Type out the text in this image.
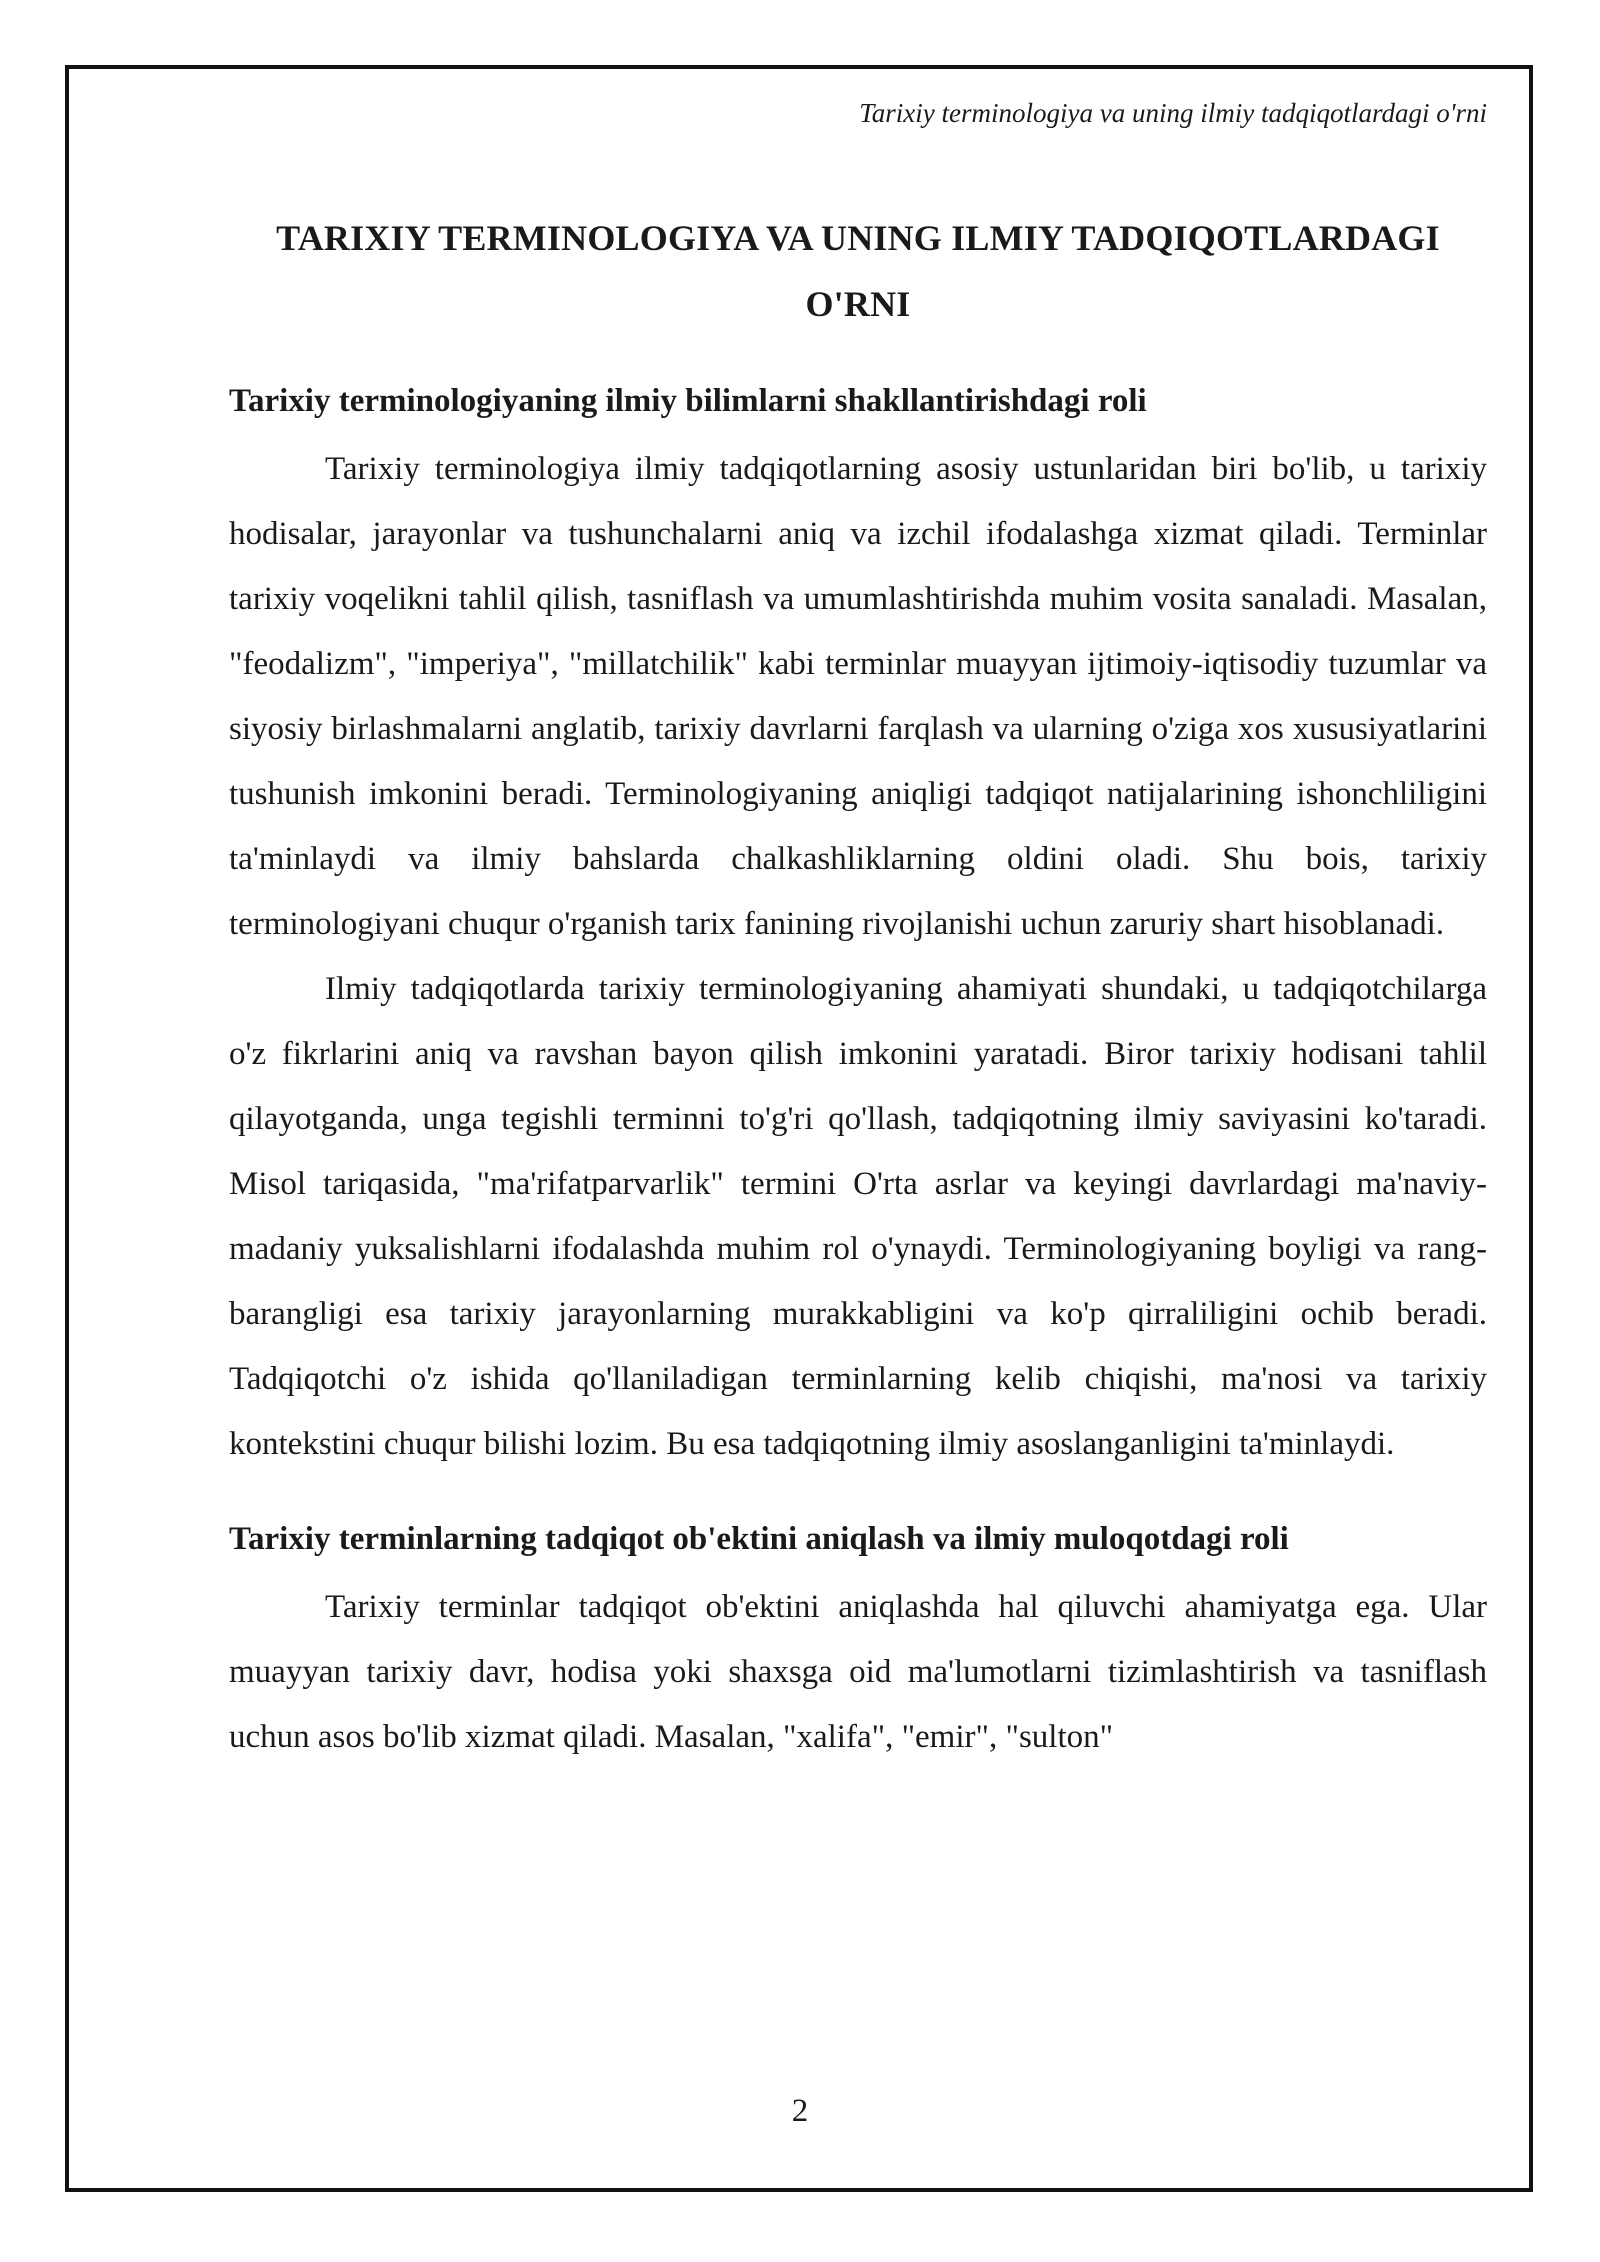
Tarixiy terminologiya va uning ilmiy tadqiqotlardagi o'rni
TARIXIY TERMINOLOGIYA VA UNING ILMIY TADQIQOTLARDAGI
O'RNI
Tarixiy terminologiyaning ilmiy bilimlarni shakllantirishdagi roli

Tarixiy terminologiya ilmiy tadqiqotlarning asosiy ustunlaridan biri bo'lib, u tarixiy hodisalar, jarayonlar va tushunchalarni aniq va izchil ifodalashga xizmat qiladi. Terminlar tarixiy voqelikni tahlil qilish, tasniflash va umumlashtirishda muhim vosita sanaladi. Masalan, "feodalizm", "imperiya", "millatchilik" kabi terminlar muayyan ijtimoiy-iqtisodiy tuzumlar va siyosiy birlashmalarni anglatib, tarixiy davrlarni farqlash va ularning o'ziga xos xususiyatlarini tushunish imkonini beradi. Terminologiyaning aniqligi tadqiqot natijalarining ishonchliligini ta'minlaydi va ilmiy bahslarda chalkashliklarning oldini oladi. Shu bois, tarixiy terminologiyani chuqur o'rganish tarix fanining rivojlanishi uchun zaruriy shart hisoblanadi.

Ilmiy tadqiqotlarda tarixiy terminologiyaning ahamiyati shundaki, u tadqiqotchilarga o'z fikrlarini aniq va ravshan bayon qilish imkonini yaratadi. Biror tarixiy hodisani tahlil qilayotganda, unga tegishli terminni to'g'ri qo'llash, tadqiqotning ilmiy saviyasini ko'taradi. Misol tariqasida, "ma'rifatparvarlik" termini O'rta asrlar va keyingi davrlardagi ma'naviy-madaniy yuksalishlarni ifodalashda muhim rol o'ynaydi. Terminologiyaning boyligi va rang-barangligi esa tarixiy jarayonlarning murakkabligini va ko'p qirraliligini ochib beradi. Tadqiqotchi o'z ishida qo'llaniladigan terminlarning kelib chiqishi, ma'nosi va tarixiy kontekstini chuqur bilishi lozim. Bu esa tadqiqotning ilmiy asoslanganligini ta'minlaydi.

Tarixiy terminlarning tadqiqot ob'ektini aniqlash va ilmiy muloqotdagi roli

Tarixiy terminlar tadqiqot ob'ektini aniqlashda hal qiluvchi ahamiyatga ega. Ular muayyan tarixiy davr, hodisa yoki shaxsga oid ma'lumotlarni tizimlashtirish va tasniflash uchun asos bo'lib xizmat qiladi. Masalan, "xalifa", "emir", "sulton"

2
